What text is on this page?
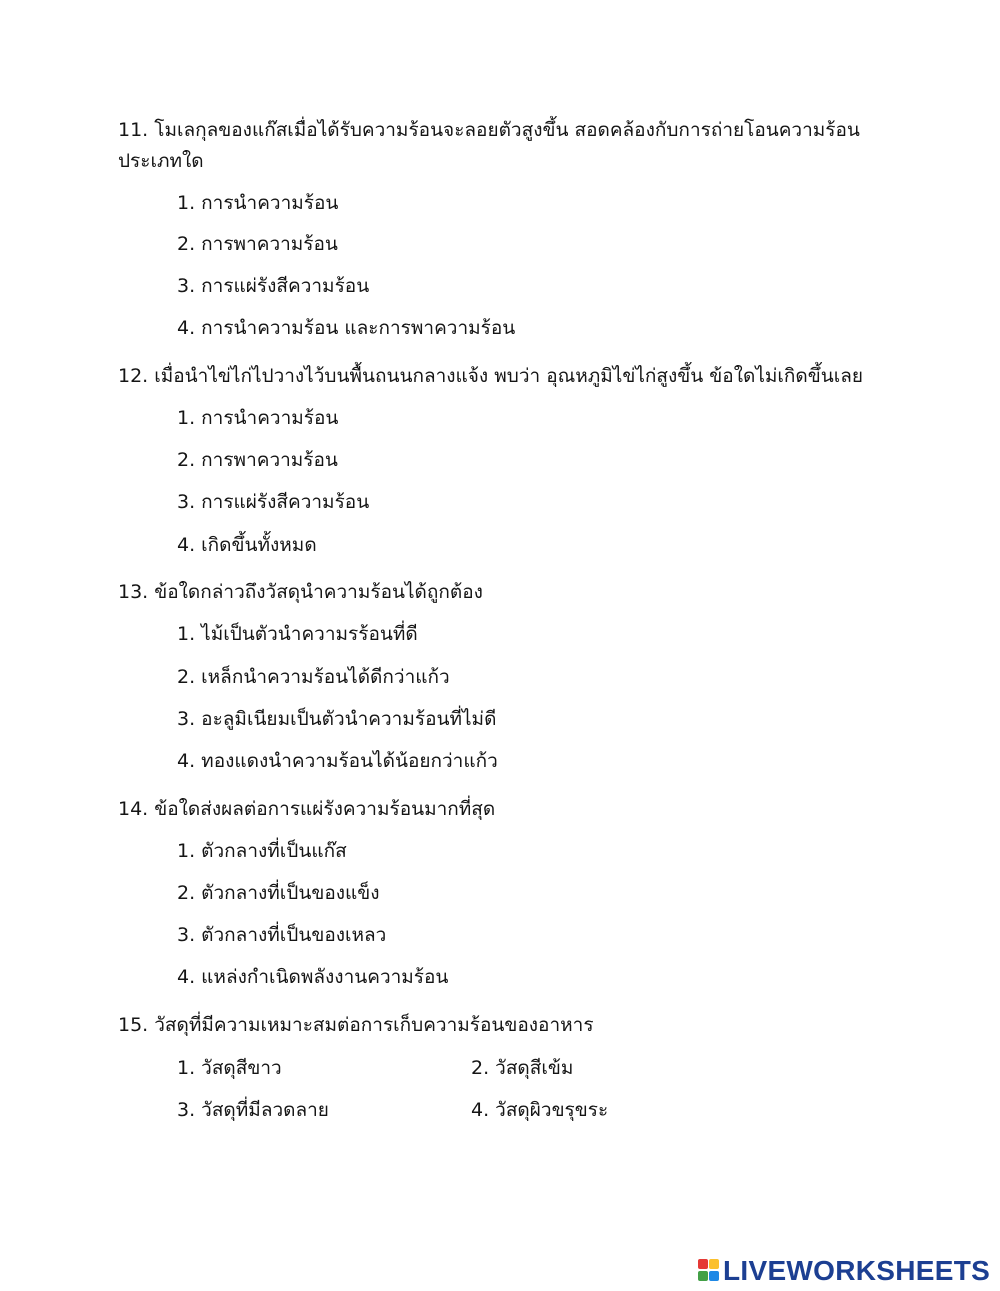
11. โมเลกุลของแก๊สเมื่อได้รับความร้อนจะลอยตัวสูงขึ้น สอดคล้องกับการถ่ายโอนความร้อนประเภทใด
1. การนำความร้อน
2. การพาความร้อน
3. การแผ่รังสีความร้อน
4. การนำความร้อน และการพาความร้อน
12. เมื่อนำไข่ไก่ไปวางไว้บนพื้นถนนกลางแจ้ง พบว่า อุณหภูมิไข่ไก่สูงขึ้น ข้อใดไม่เกิดขึ้นเลย
1. การนำความร้อน
2. การพาความร้อน
3. การแผ่รังสีความร้อน
4. เกิดขึ้นทั้งหมด
13. ข้อใดกล่าวถึงวัสดุนำความร้อนได้ถูกต้อง
1. ไม้เป็นตัวนำความรร้อนที่ดี
2. เหล็กนำความร้อนได้ดีกว่าแก้ว
3. อะลูมิเนียมเป็นตัวนำความร้อนที่ไม่ดี
4. ทองแดงนำความร้อนได้น้อยกว่าแก้ว
14. ข้อใดส่งผลต่อการแผ่รังความร้อนมากที่สุด
1. ตัวกลางที่เป็นแก๊ส
2. ตัวกลางที่เป็นของแข็ง
3. ตัวกลางที่เป็นของเหลว
4. แหล่งกำเนิดพลังงานความร้อน
15. วัสดุที่มีความเหมาะสมต่อการเก็บความร้อนของอาหาร
1. วัสดุสีขาว	2. วัสดุสีเข้ม
3. วัสดุที่มีลวดลาย	4. วัสดุผิวขรุขระ
LIVEWORKSHEETS
